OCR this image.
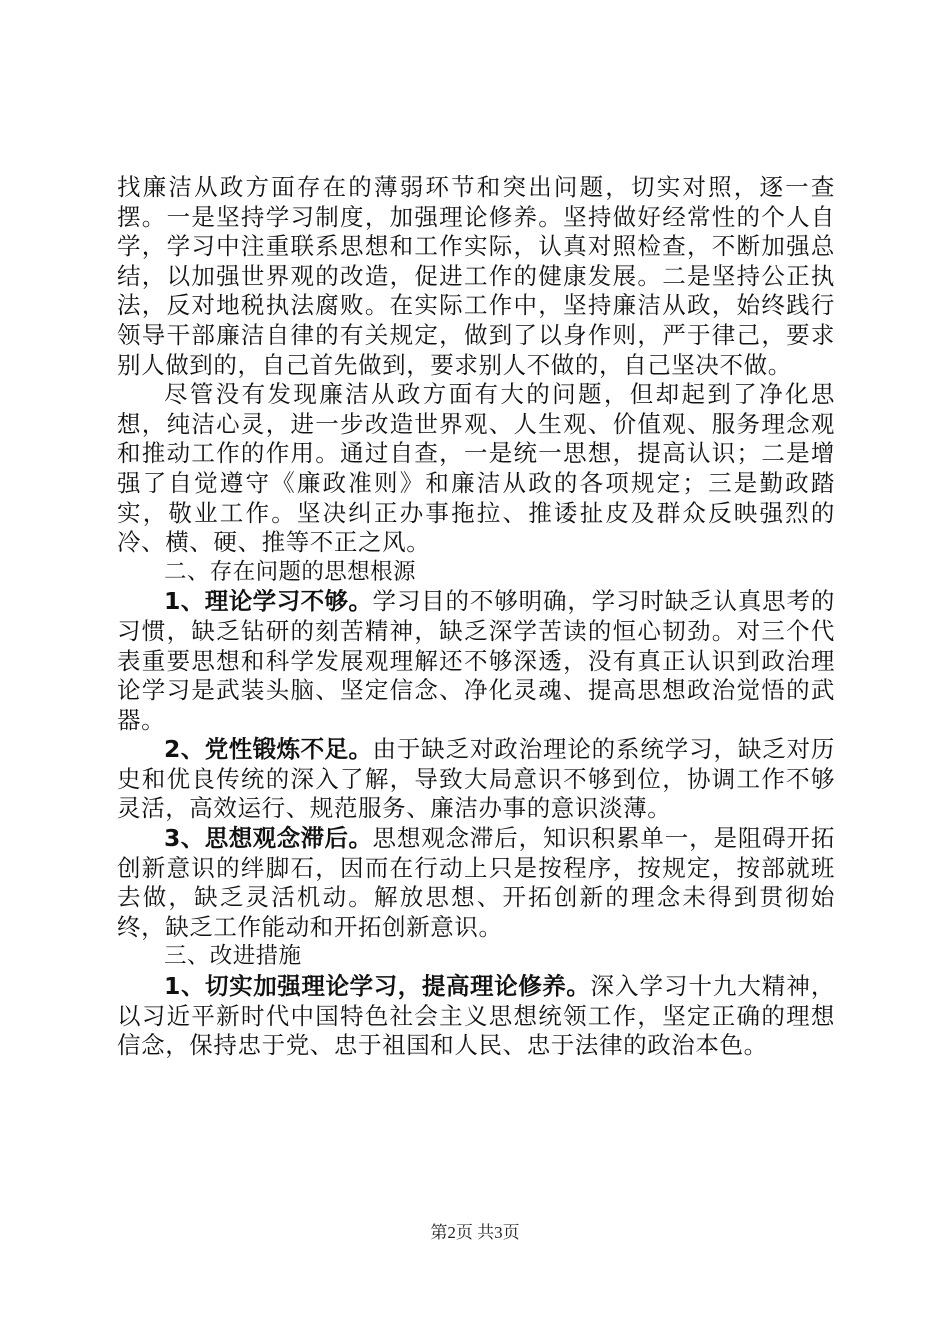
找廉洁从政方面存在的薄弱环节和突出问题，切实对照，逐一查摆。一是坚持学习制度，加强理论修养。坚持做好经常性的个人自学，学习中注重联系思想和工作实际，认真对照检查，不断加强总结，以加强世界观的改造，促进工作的健康发展。二是坚持公正执法，反对地税执法腐败。在实际工作中，坚持廉洁从政，始终践行领导干部廉洁自律的有关规定，做到了以身作则，严于律己，要求别人做到的，自己首先做到，要求别人不做的，自己坚决不做。

尽管没有发现廉洁从政方面有大的问题，但却起到了净化思想，纯洁心灵，进一步改造世界观、人生观、价值观、服务理念观和推动工作的作用。通过自查，一是统一思想，提高认识；二是增强了自觉遵守《廉政准则》和廉洁从政的各项规定；三是勤政踏实，敬业工作。坚决纠正办事拖拉、推诿扯皮及群众反映强烈的冷、横、硬、推等不正之风。

二、存在问题的思想根源

1、理论学习不够。学习目的不够明确，学习时缺乏认真思考的习惯，缺乏钻研的刻苦精神，缺乏深学苦读的恒心韧劲。对三个代表重要思想和科学发展观理解还不够深透，没有真正认识到政治理论学习是武装头脑、坚定信念、净化灵魂、提高思想政治觉悟的武器。

2、党性锻炼不足。由于缺乏对政治理论的系统学习，缺乏对历史和优良传统的深入了解，导致大局意识不够到位，协调工作不够灵活，高效运行、规范服务、廉洁办事的意识淡薄。

3、思想观念滞后。思想观念滞后，知识积累单一，是阻碍开拓创新意识的绊脚石，因而在行动上只是按程序，按规定，按部就班去做，缺乏灵活机动。解放思想、开拓创新的理念未得到贯彻始终，缺乏工作能动和开拓创新意识。

三、改进措施

1、切实加强理论学习，提高理论修养。深入学习十九大精神，以习近平新时代中国特色社会主义思想统领工作，坚定正确的理想信念，保持忠于党、忠于祖国和人民、忠于法律的政治本色。

第2页 共3页
